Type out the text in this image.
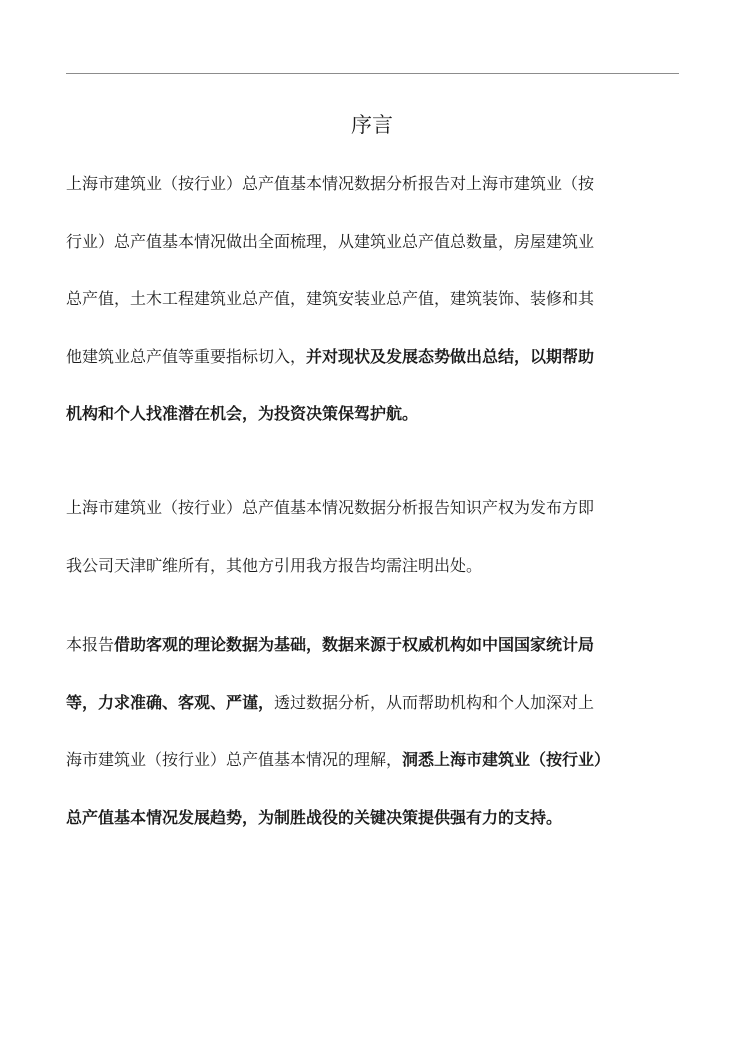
序言
上海市建筑业（按行业）总产值基本情况数据分析报告对上海市建筑业（按
行业）总产值基本情况做出全面梳理，从建筑业总产值总数量，房屋建筑业
总产值，土木工程建筑业总产值，建筑安装业总产值，建筑装饰、装修和其
他建筑业总产值等重要指标切入，并对现状及发展态势做出总结，以期帮助
机构和个人找准潜在机会，为投资决策保驾护航。
上海市建筑业（按行业）总产值基本情况数据分析报告知识产权为发布方即
我公司天津旷维所有，其他方引用我方报告均需注明出处。
本报告借助客观的理论数据为基础，数据来源于权威机构如中国国家统计局
等，力求准确、客观、严谨，透过数据分析，从而帮助机构和个人加深对上
海市建筑业（按行业）总产值基本情况的理解，洞悉上海市建筑业（按行业）
总产值基本情况发展趋势，为制胜战役的关键决策提供强有力的支持。
